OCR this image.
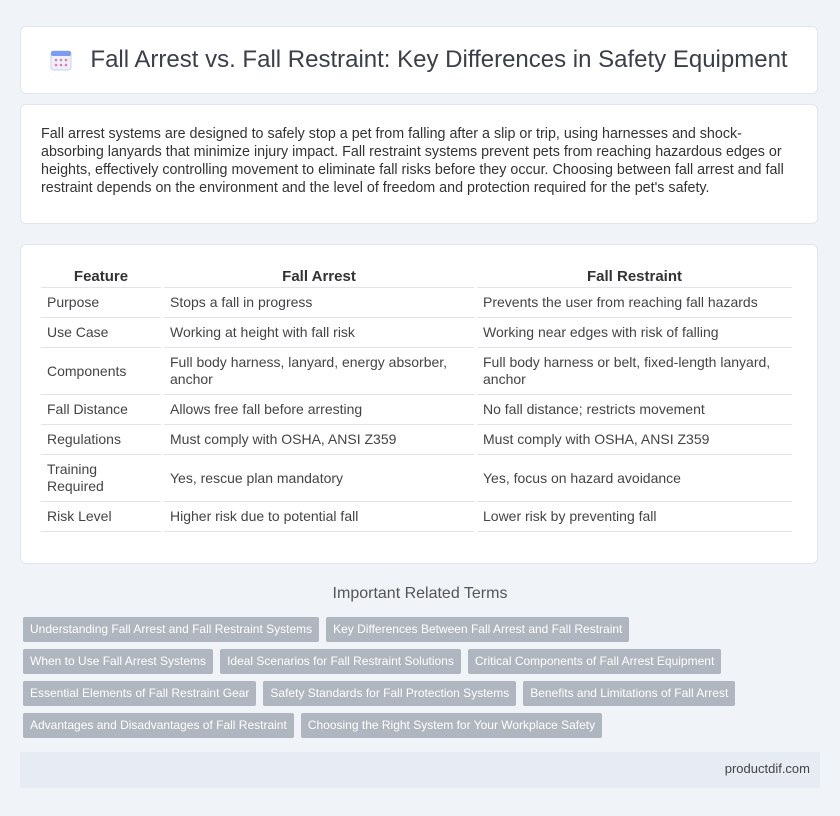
Fall Arrest vs. Fall Restraint: Key Differences in Safety Equipment

Fall arrest systems are designed to safely stop a pet from falling after a slip or trip, using harnesses and shock-absorbing lanyards that minimize injury impact. Fall restraint systems prevent pets from reaching hazardous edges or heights, effectively controlling movement to eliminate fall risks before they occur. Choosing between fall arrest and fall restraint depends on the environment and the level of freedom and protection required for the pet's safety.

Feature	Fall Arrest	Fall Restraint
Purpose	Stops a fall in progress	Prevents the user from reaching fall hazards
Use Case	Working at height with fall risk	Working near edges with risk of falling
Components	Full body harness, lanyard, energy absorber, anchor	Full body harness or belt, fixed-length lanyard, anchor
Fall Distance	Allows free fall before arresting	No fall distance; restricts movement
Regulations	Must comply with OSHA, ANSI Z359	Must comply with OSHA, ANSI Z359
Training Required	Yes, rescue plan mandatory	Yes, focus on hazard avoidance
Risk Level	Higher risk due to potential fall	Lower risk by preventing fall
Important Related Terms
Understanding Fall Arrest and Fall Restraint Systems	Key Differences Between Fall Arrest and Fall Restraint
When to Use Fall Arrest Systems	Ideal Scenarios for Fall Restraint Solutions	Critical Components of Fall Arrest Equipment
Essential Elements of Fall Restraint Gear	Safety Standards for Fall Protection Systems	Benefits and Limitations of Fall Arrest
Advantages and Disadvantages of Fall Restraint	Choosing the Right System for Your Workplace Safety
productdif.com
